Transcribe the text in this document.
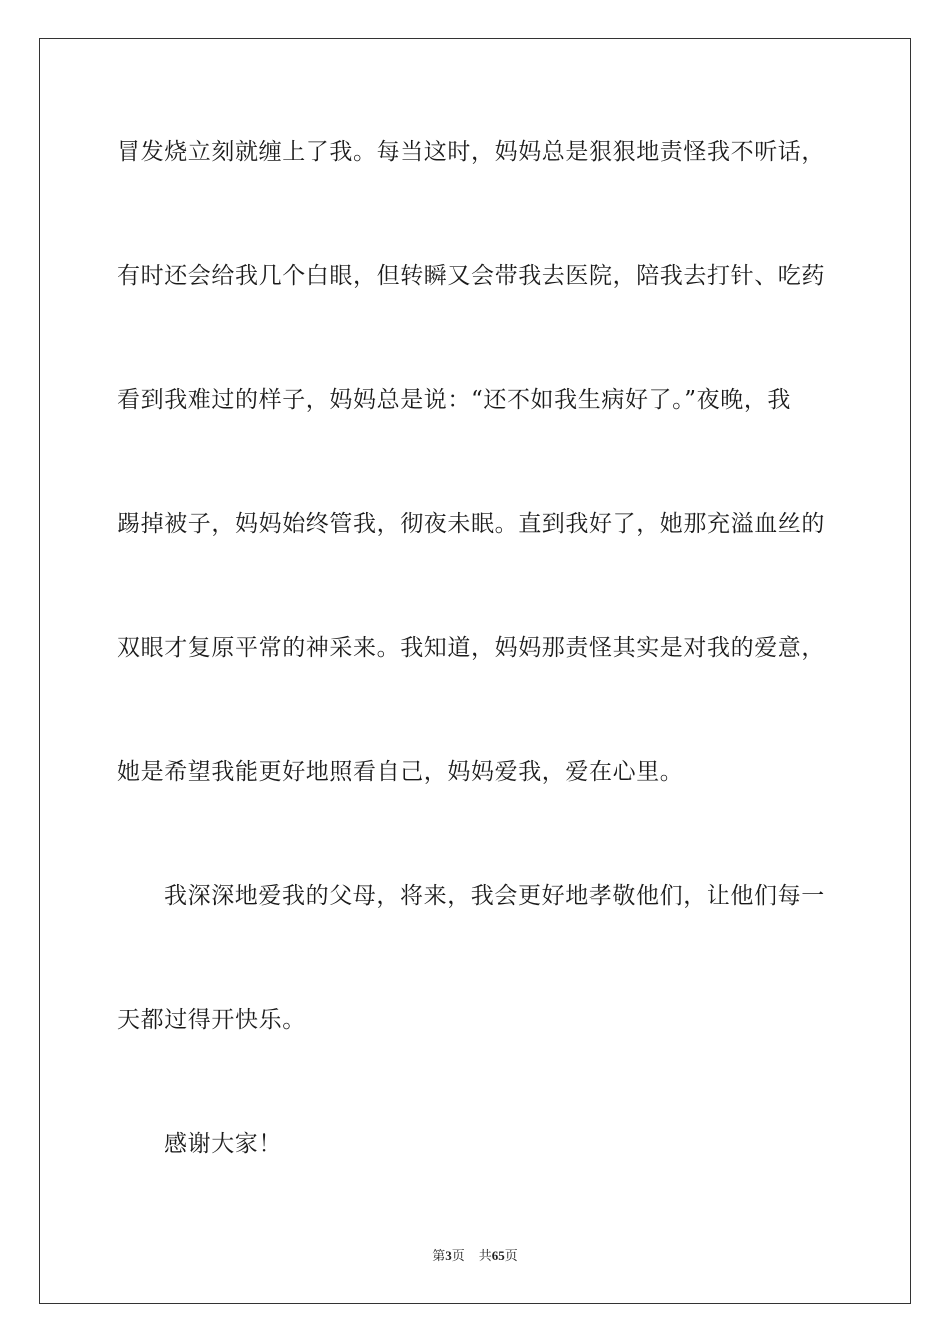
冒发烧立刻就缠上了我。每当这时，妈妈总是狠狠地责怪我不听话，
有时还会给我几个白眼，但转瞬又会带我去医院，陪我去打针、吃药
看到我难过的样子，妈妈总是说：“还不如我生病好了。”夜晚，我
踢掉被子，妈妈始终管我，彻夜未眠。直到我好了，她那充溢血丝的
双眼才复原平常的神采来。我知道，妈妈那责怪其实是对我的爱意，
她是希望我能更好地照看自己，妈妈爱我，爱在心里。
我深深地爱我的父母，将来，我会更好地孝敬他们，让他们每一
天都过得开快乐。
感谢大家！
第3页 共65页
